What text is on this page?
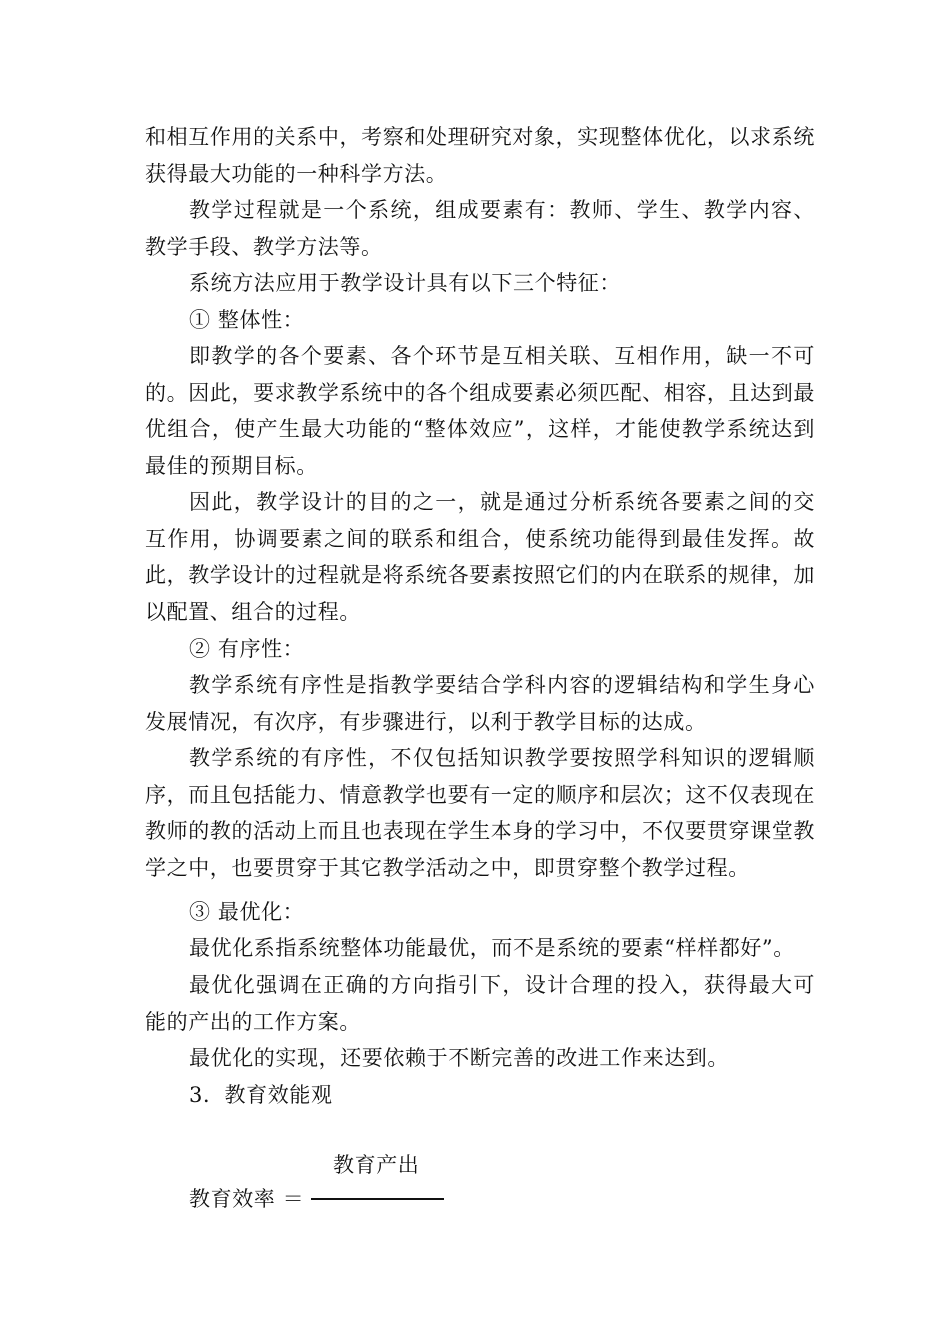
和相互作用的关系中，考察和处理研究对象，实现整体优化，以求系统获得最大功能的一种科学方法。

教学过程就是一个系统，组成要素有：教师、学生、教学内容、教学手段、教学方法等。

系统方法应用于教学设计具有以下三个特征：

① 整体性：

即教学的各个要素、各个环节是互相关联、互相作用，缺一不可的。因此，要求教学系统中的各个组成要素必须匹配、相容，且达到最优组合，使产生最大功能的“整体效应”，这样，才能使教学系统达到最佳的预期目标。

因此，教学设计的目的之一，就是通过分析系统各要素之间的交互作用，协调要素之间的联系和组合，使系统功能得到最佳发挥。故此，教学设计的过程就是将系统各要素按照它们的内在联系的规律，加以配置、组合的过程。

② 有序性：

教学系统有序性是指教学要结合学科内容的逻辑结构和学生身心发展情况，有次序，有步骤进行，以利于教学目标的达成。

教学系统的有序性，不仅包括知识教学要按照学科知识的逻辑顺序，而且包括能力、情意教学也要有一定的顺序和层次；这不仅表现在教师的教的活动上而且也表现在学生本身的学习中，不仅要贯穿课堂教学之中，也要贯穿于其它教学活动之中，即贯穿整个教学过程。

③ 最优化：

最优化系指系统整体功能最优，而不是系统的要素“样样都好”。

最优化强调在正确的方向指引下，设计合理的投入，获得最大可能的产出的工作方案。

最优化的实现，还要依赖于不断完善的改进工作来达到。

3．教育效能观

教育产出
教育效率 ＝
